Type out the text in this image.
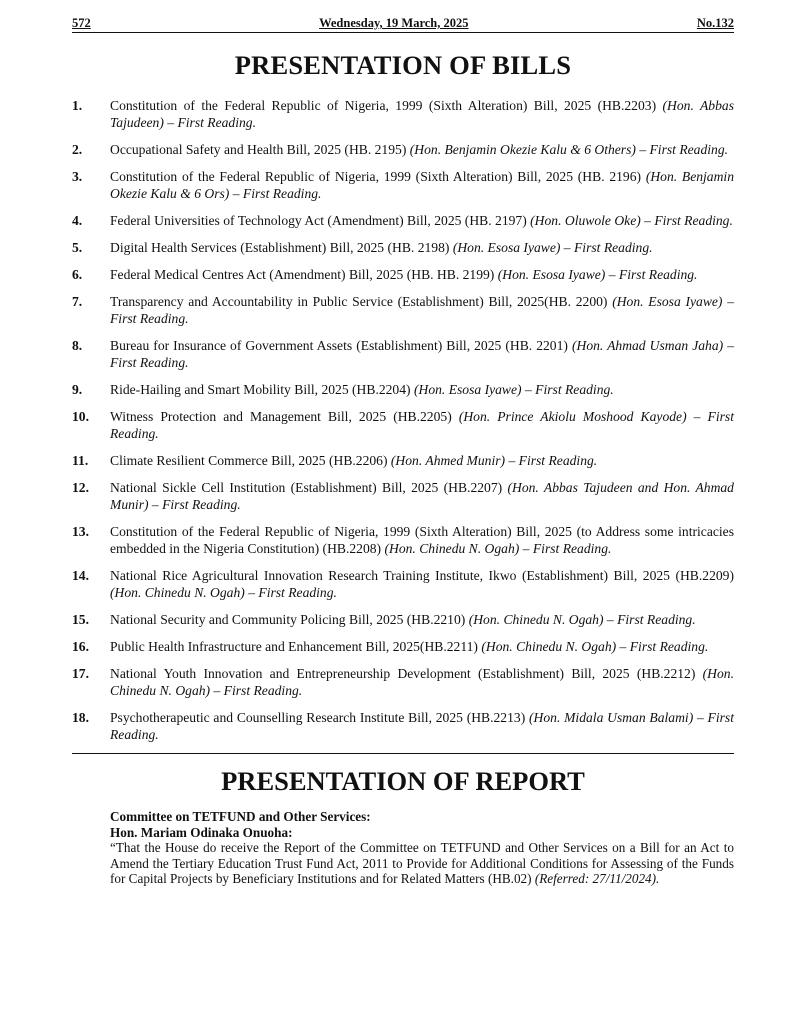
572	Wednesday, 19 March, 2025	No.132
PRESENTATION OF BILLS
1.	Constitution of the Federal Republic of Nigeria, 1999 (Sixth Alteration) Bill, 2025 (HB.2203) (Hon. Abbas Tajudeen) – First Reading.
2.	Occupational Safety and Health Bill, 2025 (HB. 2195) (Hon. Benjamin Okezie Kalu & 6 Others) – First Reading.
3.	Constitution of the Federal Republic of Nigeria, 1999 (Sixth Alteration) Bill, 2025 (HB. 2196) (Hon. Benjamin Okezie Kalu & 6 Ors) – First Reading.
4.	Federal Universities of Technology Act (Amendment) Bill, 2025 (HB. 2197) (Hon. Oluwole Oke) – First Reading.
5.	Digital Health Services (Establishment) Bill, 2025 (HB. 2198) (Hon. Esosa Iyawe) – First Reading.
6.	Federal Medical Centres Act (Amendment) Bill, 2025 (HB. HB. 2199) (Hon. Esosa Iyawe) – First Reading.
7.	Transparency and Accountability in Public Service (Establishment) Bill, 2025(HB. 2200) (Hon. Esosa Iyawe) – First Reading.
8.	Bureau for Insurance of Government Assets (Establishment) Bill, 2025 (HB. 2201) (Hon. Ahmad Usman Jaha) – First Reading.
9.	Ride-Hailing and Smart Mobility Bill, 2025 (HB.2204) (Hon. Esosa Iyawe) – First Reading.
10.	Witness Protection and Management Bill, 2025 (HB.2205) (Hon. Prince Akiolu Moshood Kayode) – First Reading.
11.	Climate Resilient Commerce Bill, 2025 (HB.2206) (Hon. Ahmed Munir) – First Reading.
12.	National Sickle Cell Institution (Establishment) Bill, 2025 (HB.2207) (Hon. Abbas Tajudeen and Hon. Ahmad Munir) – First Reading.
13.	Constitution of the Federal Republic of Nigeria, 1999 (Sixth Alteration) Bill, 2025 (to Address some intricacies embedded in the Nigeria Constitution) (HB.2208) (Hon. Chinedu N. Ogah) – First Reading.
14.	National Rice Agricultural Innovation Research Training Institute, Ikwo (Establishment) Bill, 2025 (HB.2209) (Hon. Chinedu N. Ogah) – First Reading.
15.	National Security and Community Policing Bill, 2025 (HB.2210) (Hon. Chinedu N. Ogah) – First Reading.
16.	Public Health Infrastructure and Enhancement Bill, 2025(HB.2211) (Hon. Chinedu N. Ogah) – First Reading.
17.	National Youth Innovation and Entrepreneurship Development (Establishment) Bill, 2025 (HB.2212) (Hon. Chinedu N. Ogah) – First Reading.
18.	Psychotherapeutic and Counselling Research Institute Bill, 2025 (HB.2213) (Hon. Midala Usman Balami) – First Reading.
PRESENTATION OF REPORT
Committee on TETFUND and Other Services:
Hon. Mariam Odinaka Onuoha:
“That the House do receive the Report of the Committee on TETFUND and Other Services on a Bill for an Act to Amend the Tertiary Education Trust Fund Act, 2011 to Provide for Additional Conditions for Assessing of the Funds for Capital Projects by Beneficiary Institutions and for Related Matters (HB.02) (Referred: 27/11/2024).
